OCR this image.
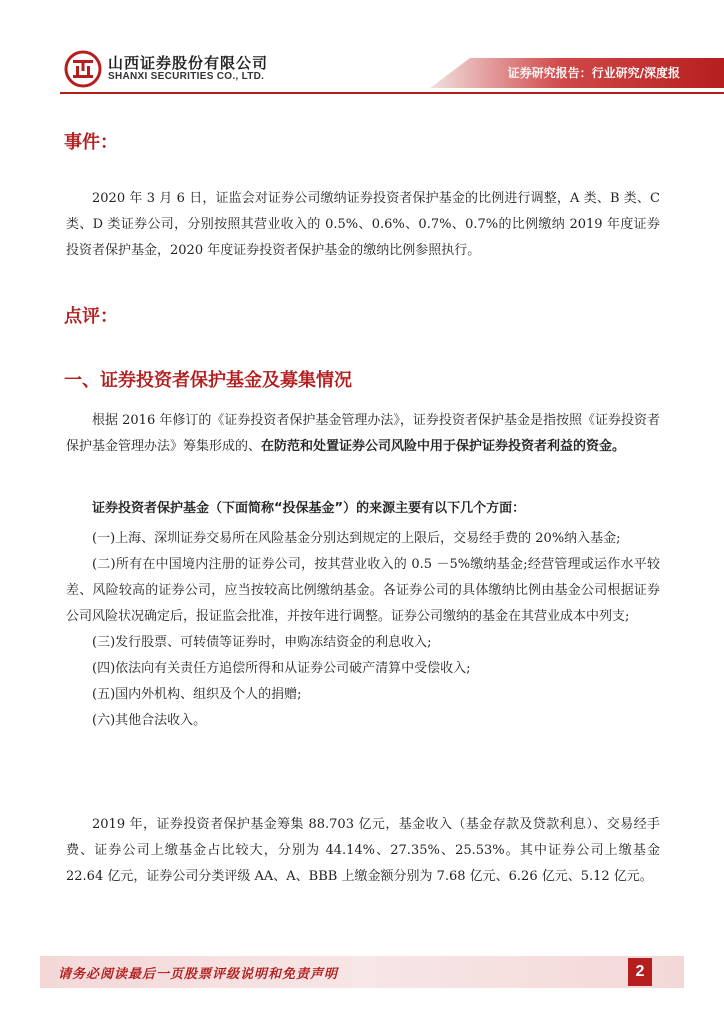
山西证券股份有限公司
SHANXI SECURITIES CO., LTD.	证券研究报告：行业研究/深度报
事件：
2020 年 3 月 6 日，证监会对证券公司缴纳证券投资者保护基金的比例进行调整，A 类、B 类、C 类、D 类证券公司，分别按照其营业收入的 0.5%、0.6%、0.7%、0.7%的比例缴纳 2019 年度证券投资者保护基金，2020 年度证券投资者保护基金的缴纳比例参照执行。
点评：
一、证券投资者保护基金及募集情况
根据 2016 年修订的《证券投资者保护基金管理办法》，证券投资者保护基金是指按照《证券投资者保护基金管理办法》筹集形成的、在防范和处置证券公司风险中用于保护证券投资者利益的资金。
证券投资者保护基金（下面简称“投保基金”）的来源主要有以下几个方面：
(一)上海、深圳证券交易所在风险基金分别达到规定的上限后，交易经手费的 20%纳入基金;
(二)所有在中国境内注册的证券公司，按其营业收入的 0.5 －5%缴纳基金;经营管理或运作水平较差、风险较高的证券公司，应当按较高比例缴纳基金。各证券公司的具体缴纳比例由基金公司根据证券公司风险状况确定后，报证监会批准，并按年进行调整。证券公司缴纳的基金在其营业成本中列支;
(三)发行股票、可转债等证券时，申购冻结资金的利息收入;
(四)依法向有关责任方追偿所得和从证券公司破产清算中受偿收入;
(五)国内外机构、组织及个人的捐赠;
(六)其他合法收入。
2019 年，证券投资者保护基金筹集 88.703 亿元，基金收入（基金存款及贷款利息）、交易经手费、证券公司上缴基金占比较大，分别为 44.14%、27.35%、25.53%。其中证券公司上缴基金 22.64 亿元，证券公司分类评级 AA、A、BBB 上缴金额分别为 7.68 亿元、6.26 亿元、5.12 亿元。
请务必阅读最后一页股票评级说明和免责声明	2
